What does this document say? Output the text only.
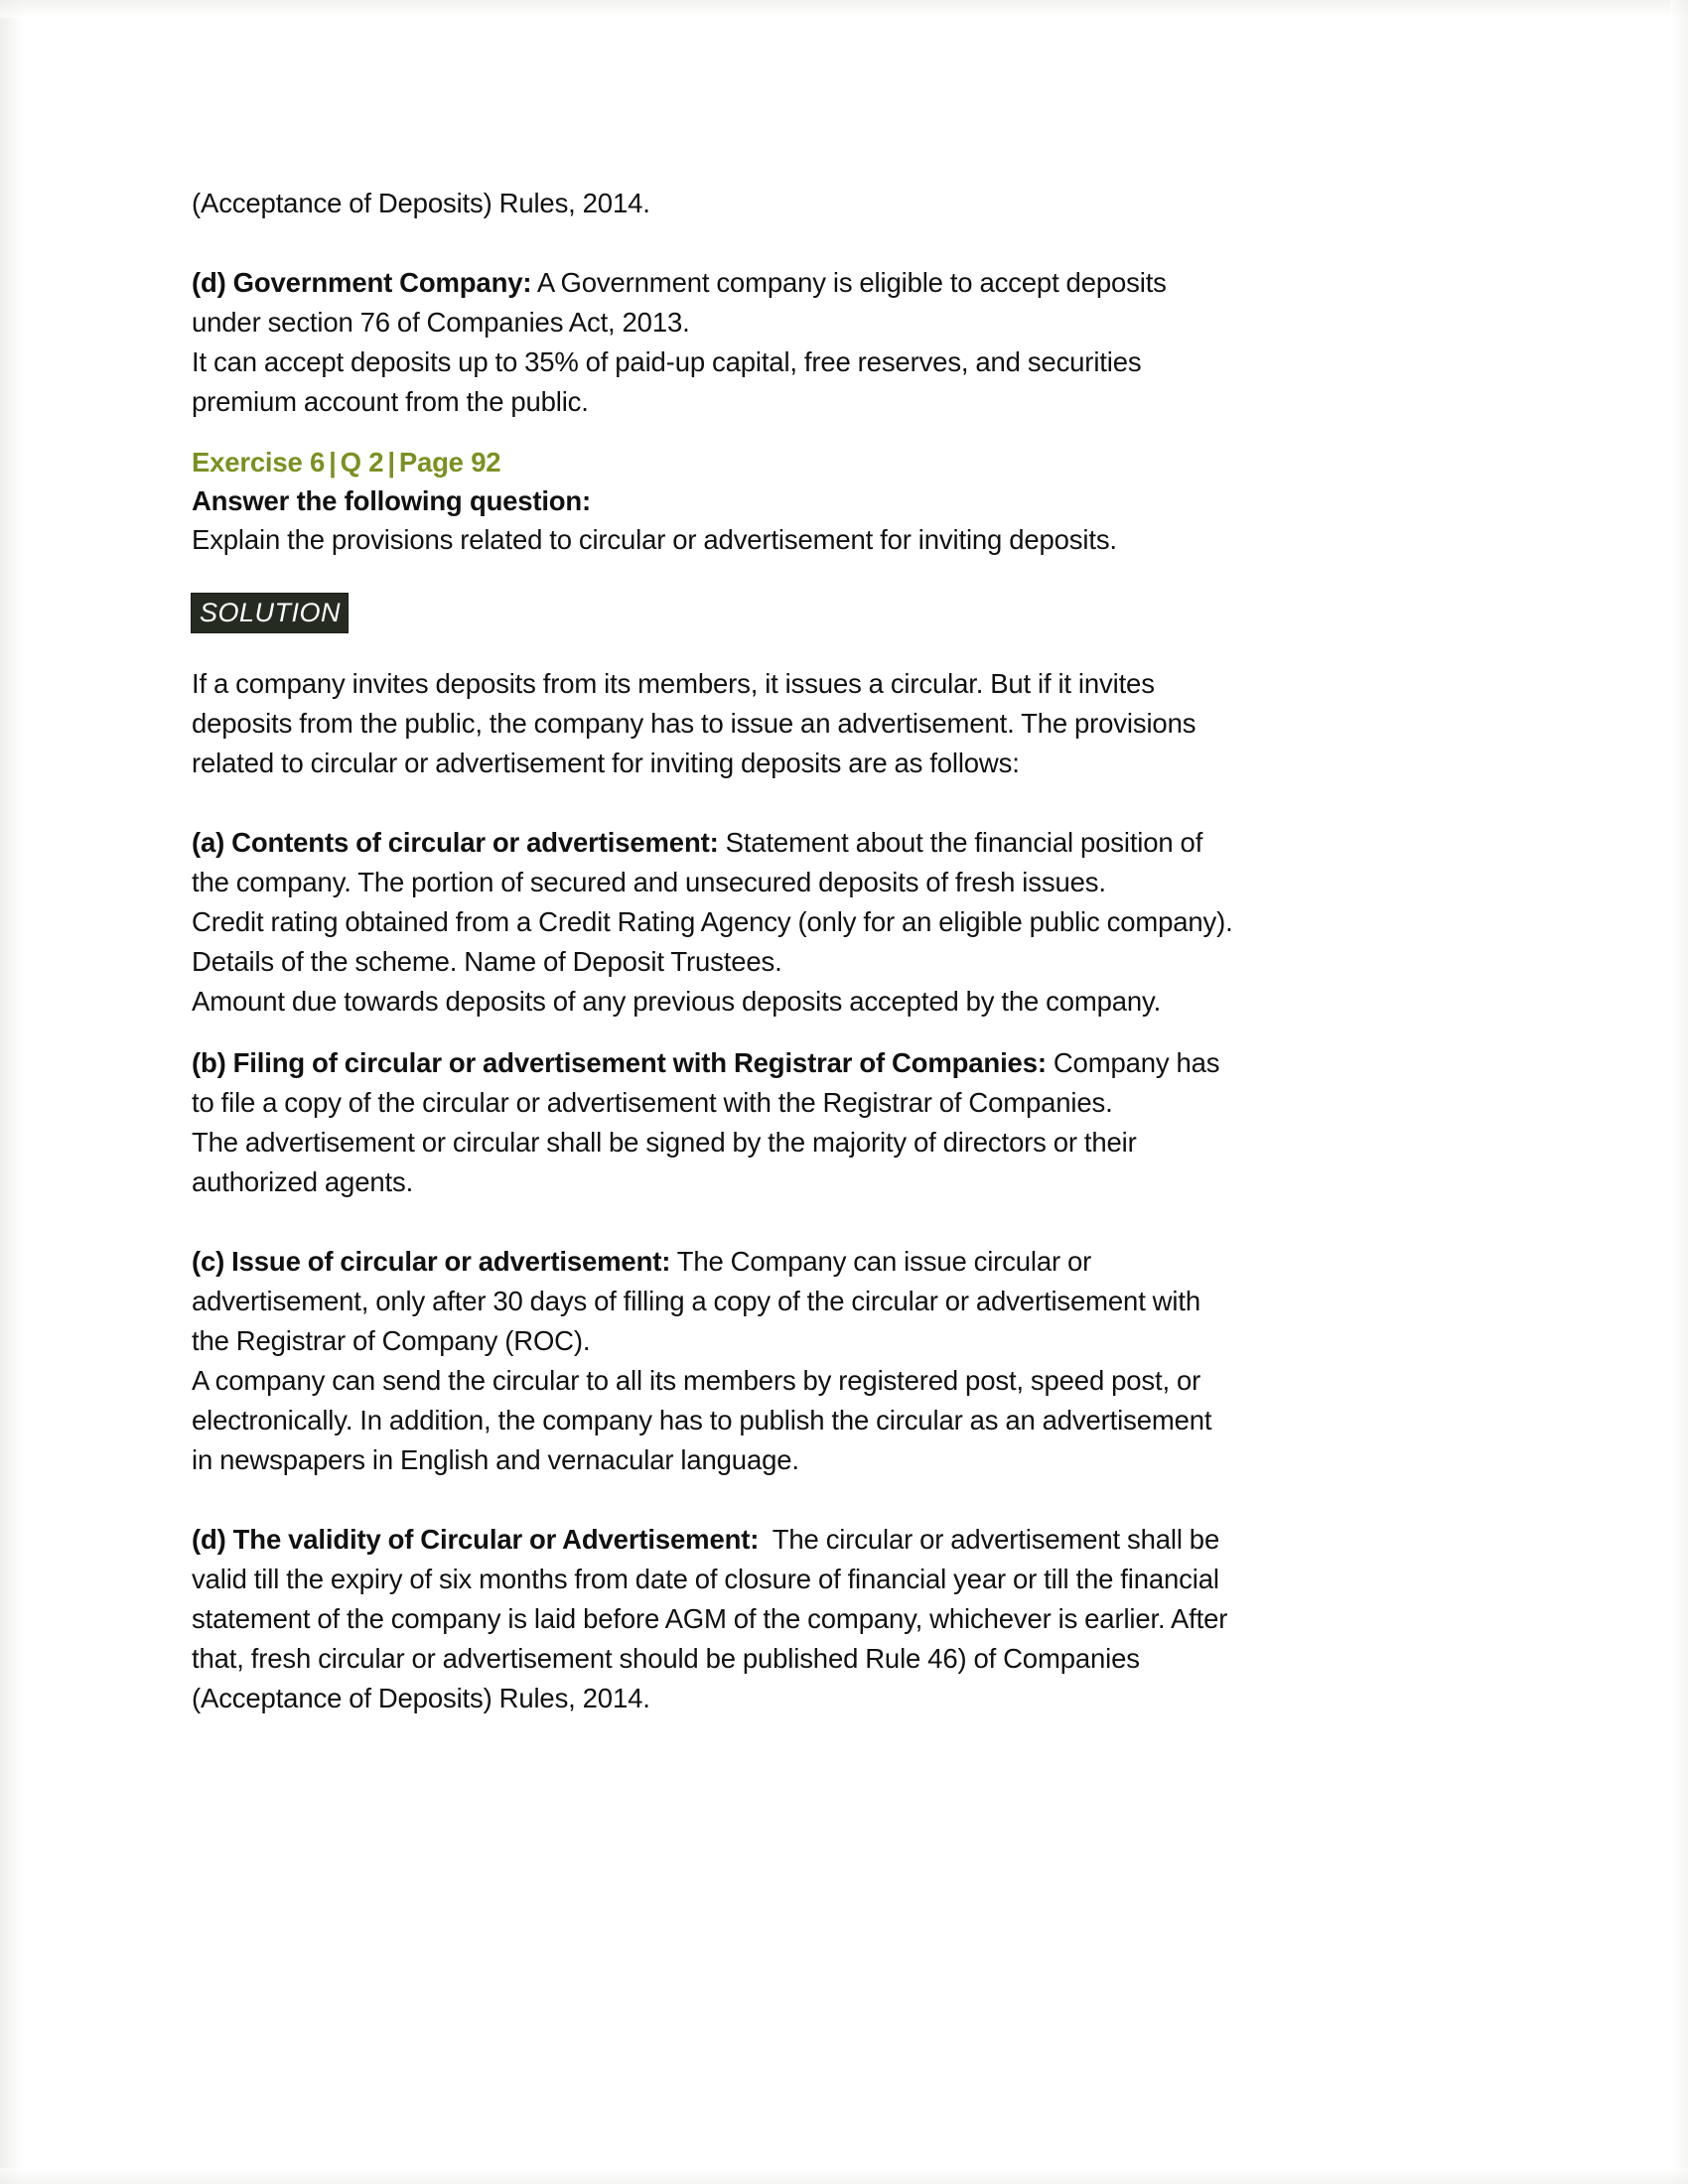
(Acceptance of Deposits) Rules, 2014.
(d) Government Company: A Government company is eligible to accept deposits
under section 76 of Companies Act, 2013.
It can accept deposits up to 35% of paid-up capital, free reserves, and securities
premium account from the public.
Exercise 6 | Q 2 | Page 92
Answer the following question:
Explain the provisions related to circular or advertisement for inviting deposits.
SOLUTION
If a company invites deposits from its members, it issues a circular. But if it invites
deposits from the public, the company has to issue an advertisement. The provisions
related to circular or advertisement for inviting deposits are as follows:
(a) Contents of circular or advertisement: Statement about the financial position of
the company. The portion of secured and unsecured deposits of fresh issues.
Credit rating obtained from a Credit Rating Agency (only for an eligible public company).
Details of the scheme. Name of Deposit Trustees.
Amount due towards deposits of any previous deposits accepted by the company.
(b) Filing of circular or advertisement with Registrar of Companies: Company has
to file a copy of the circular or advertisement with the Registrar of Companies.
The advertisement or circular shall be signed by the majority of directors or their
authorized agents.
(c) Issue of circular or advertisement: The Company can issue circular or
advertisement, only after 30 days of filling a copy of the circular or advertisement with
the Registrar of Company (ROC).
A company can send the circular to all its members by registered post, speed post, or
electronically. In addition, the company has to publish the circular as an advertisement
in newspapers in English and vernacular language.
(d) The validity of Circular or Advertisement:  The circular or advertisement shall be
valid till the expiry of six months from date of closure of financial year or till the financial
statement of the company is laid before AGM of the company, whichever is earlier. After
that, fresh circular or advertisement should be published Rule 46) of Companies
(Acceptance of Deposits) Rules, 2014.
